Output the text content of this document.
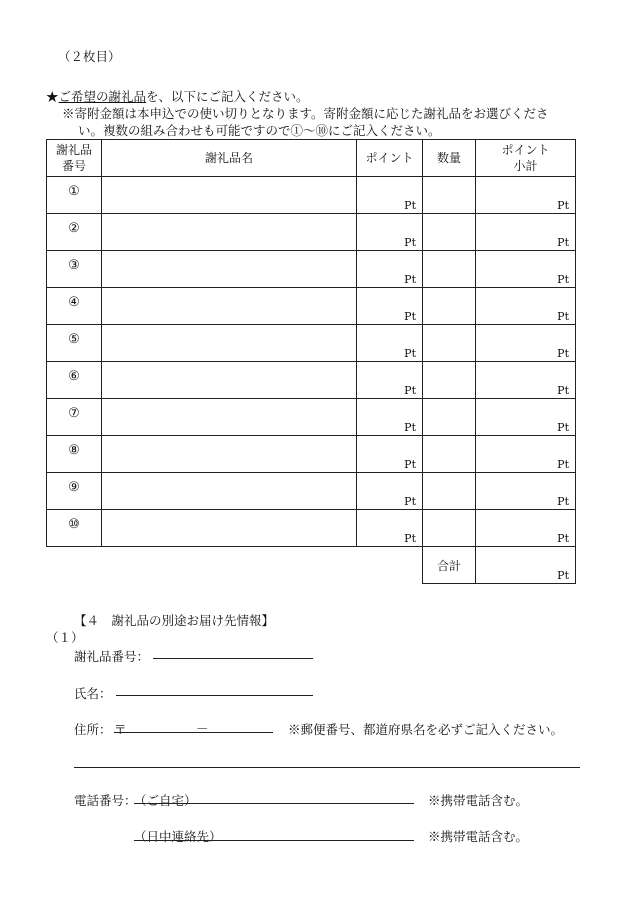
（２枚目）
★ご希望の謝礼品を、以下にご記入ください。
※寄附金額は本申込での使い切りとなります。寄附金額に応じた謝礼品をお選びくださ
い。複数の組み合わせも可能ですので①～⑩にご記入ください。
謝礼品
番号	謝礼品名	ポイント	数量	ポイント
小計

①		Pt		Pt

②		Pt		Pt

③		Pt		Pt

④		Pt		Pt

⑤		Pt		Pt

⑥		Pt		Pt

⑦		Pt		Pt

⑧		Pt		Pt

⑨		Pt		Pt

⑩		Pt		Pt

			合計	Pt
【４　謝礼品の別途お届け先情報】
（１）
謝礼品番号：
氏名：
住所： 〒	－	※郵便番号、都道府県名を必ずご記入ください。
電話番号：
（ご自宅）	※携帯電話含む。
（日中連絡先）	※携帯電話含む。
